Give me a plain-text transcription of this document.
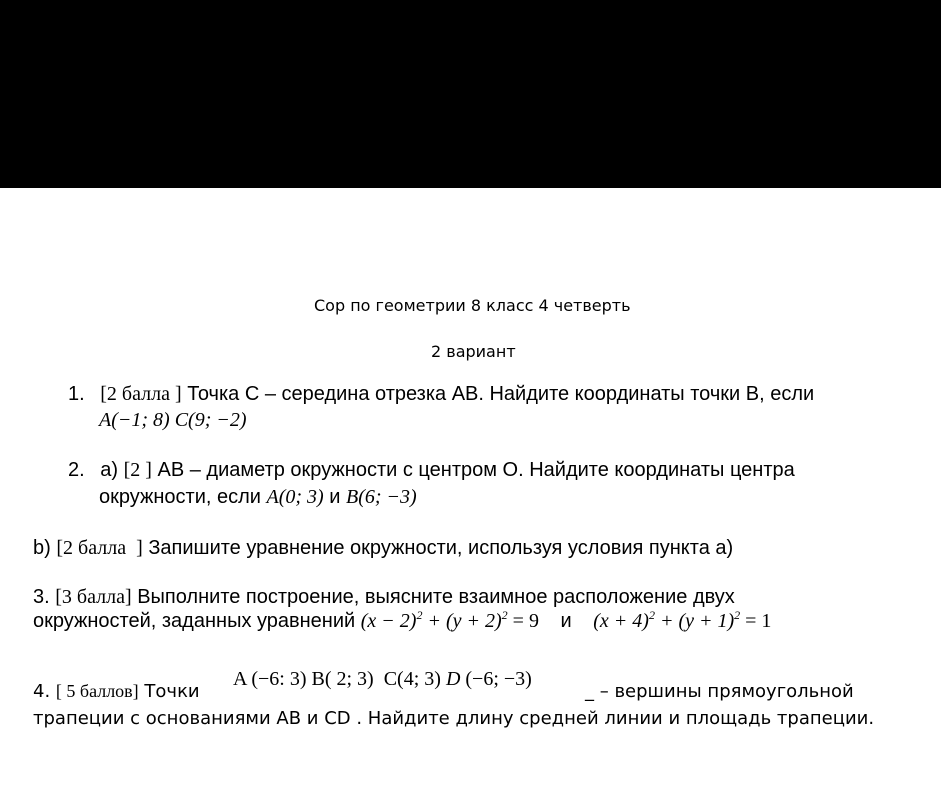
Сор по геометрии 8 класс 4 четверть
2 вариант
1. [2 балла ] Точка С – середина отрезка АВ. Найдите координаты точки В, если
A(−1; 8) C(9; −2)
2. а) [2 ] АВ – диаметр окружности с центром О. Найдите координаты центра
окружности, если A(0; 3) и B(6; −3)
b) [2 балла  ] Запишите уравнение окружности, используя условия пункта а)
3. [3 балла] Выполните построение, выясните взаимное расположение двух
окружностей, заданных уравнений $(x - 2)^2 + (y + 2)^2 = 9$ и $(x + 4)^2 + (y + 1)^2 = 1$
4. [ 5 баллов] Точки
A (−6: 3) B( 2; 3)  C(4; 3) D (−6; −3)
_ – вершины прямоугольной
трапеции с основаниями АВ и CD . Найдите длину средней линии и площадь трапеции.
